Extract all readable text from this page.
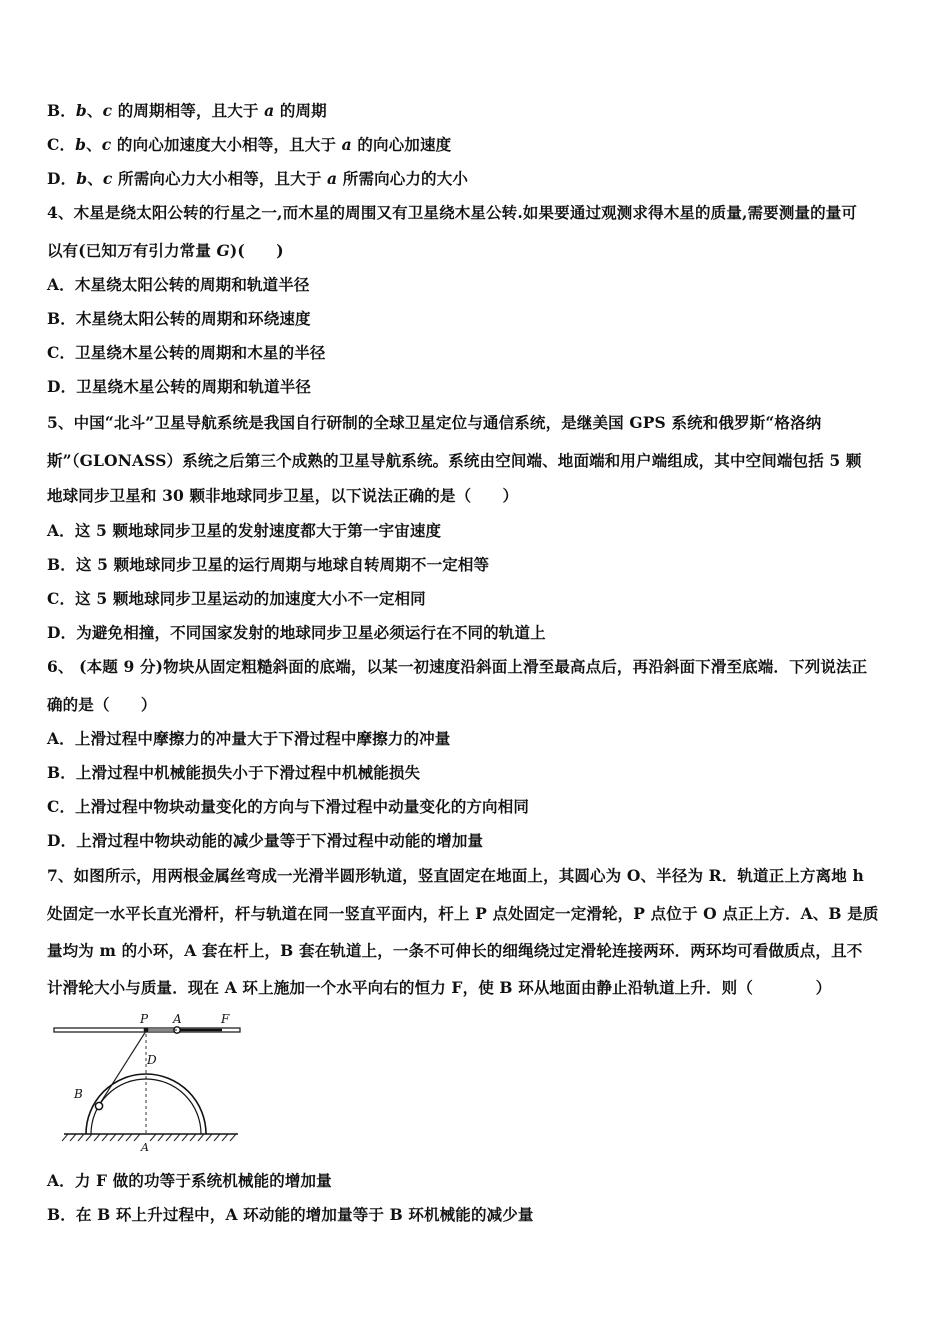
B．b、c 的周期相等，且大于 a 的周期
C．b、c 的向心加速度大小相等，且大于 a 的向心加速度
D．b、c 所需向心力大小相等，且大于 a 所需向心力的大小
4、木星是绕太阳公转的行星之一,而木星的周围又有卫星绕木星公转.如果要通过观测求得木星的质量,需要测量的量可
以有(已知万有引力常量 G)(　　)
A．木星绕太阳公转的周期和轨道半径
B．木星绕太阳公转的周期和环绕速度
C．卫星绕木星公转的周期和木星的半径
D．卫星绕木星公转的周期和轨道半径
5、中国“北斗”卫星导航系统是我国自行研制的全球卫星定位与通信系统，是继美国 GPS 系统和俄罗斯“格洛纳
斯”（GLONASS）系统之后第三个成熟的卫星导航系统。系统由空间端、地面端和用户端组成，其中空间端包括 5 颗
地球同步卫星和 30 颗非地球同步卫星，以下说法正确的是（　　）
A．这 5 颗地球同步卫星的发射速度都大于第一宇宙速度
B．这 5 颗地球同步卫星的运行周期与地球自转周期不一定相等
C．这 5 颗地球同步卫星运动的加速度大小不一定相同
D．为避免相撞，不同国家发射的地球同步卫星必须运行在不同的轨道上
6、 (本题 9 分)物块从固定粗糙斜面的底端，以某一初速度沿斜面上滑至最高点后，再沿斜面下滑至底端．下列说法正
确的是（　　）
A．上滑过程中摩擦力的冲量大于下滑过程中摩擦力的冲量
B．上滑过程中机械能损失小于下滑过程中机械能损失
C．上滑过程中物块动量变化的方向与下滑过程中动量变化的方向相同
D．上滑过程中物块动能的减少量等于下滑过程中动能的增加量
7、如图所示，用两根金属丝弯成一光滑半圆形轨道，竖直固定在地面上，其圆心为 O、半径为 R．轨道正上方离地 h
处固定一水平长直光滑杆，杆与轨道在同一竖直平面内，杆上 P 点处固定一定滑轮，P 点位于 O 点正上方．A、B 是质
量均为 m 的小环，A 套在杆上，B 套在轨道上，一条不可伸长的细绳绕过定滑轮连接两环．两环均可看做质点，且不
计滑轮大小与质量．现在 A 环上施加一个水平向右的恒力 F，使 B 环从地面由静止沿轨道上升．则（　　　　）
P A	F
D
B
A
A．力 F 做的功等于系统机械能的增加量
B．在 B 环上升过程中，A 环动能的增加量等于 B 环机械能的减少量
